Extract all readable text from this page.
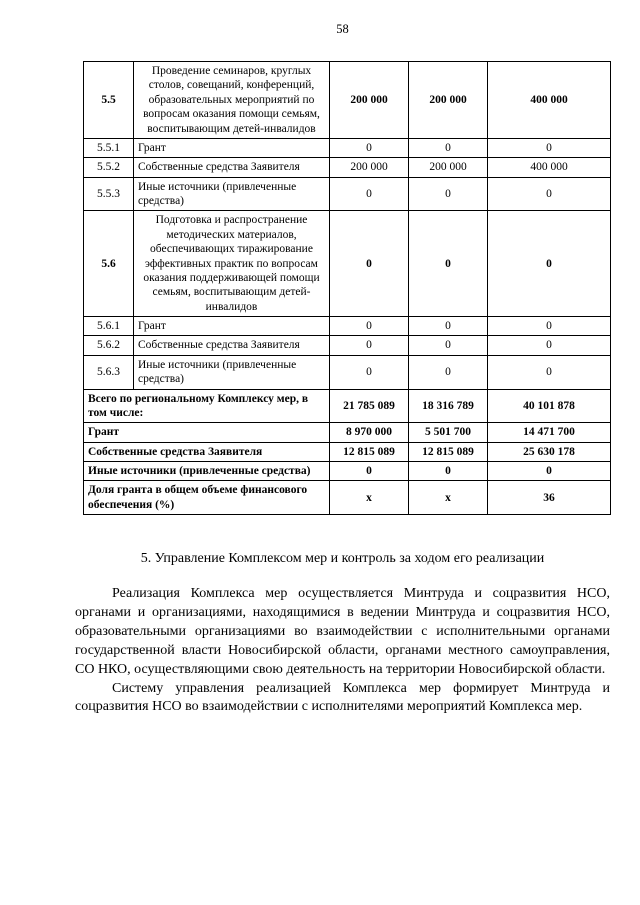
58
5.5	Проведение семинаров, круглых столов, совещаний, конференций, образовательных мероприятий по вопросам оказания помощи семьям, воспитывающим детей-инвалидов	200 000	200 000	400 000
5.5.1	Грант	0	0	0
5.5.2	Собственные средства Заявителя	200 000	200 000	400 000
5.5.3	Иные источники (привлеченные средства)	0	0	0
5.6	Подготовка и распространение методических материалов, обеспечивающих тиражирование эффективных практик по вопросам оказания поддерживающей помощи семьям, воспитывающим детей-инвалидов	0	0	0
5.6.1	Грант	0	0	0
5.6.2	Собственные средства Заявителя	0	0	0
5.6.3	Иные источники (привлеченные средства)	0	0	0
Всего по региональному Комплексу мер, в том числе:		21 785 089	18 316 789	40 101 878
Грант		8 970 000	5 501 700	14 471 700
Собственные средства Заявителя		12 815 089	12 815 089	25 630 178
Иные источники (привлеченные средства)		0	0	0
Доля гранта в общем объеме финансового обеспечения (%)		x	x	36
5. Управление Комплексом мер и контроль за ходом его реализации

Реализация Комплекса мер осуществляется Минтруда и соцразвития НСО, органами и организациями, находящимися в ведении Минтруда и соцразвития НСО, образовательными организациями во взаимодействии с исполнительными органами государственной власти Новосибирской области, органами местного самоуправления, СО НКО, осуществляющими свою деятельность на территории Новосибирской области.

Систему управления реализацией Комплекса мер формирует Минтруда и соцразвития НСО во взаимодействии с исполнителями мероприятий Комплекса мер.
